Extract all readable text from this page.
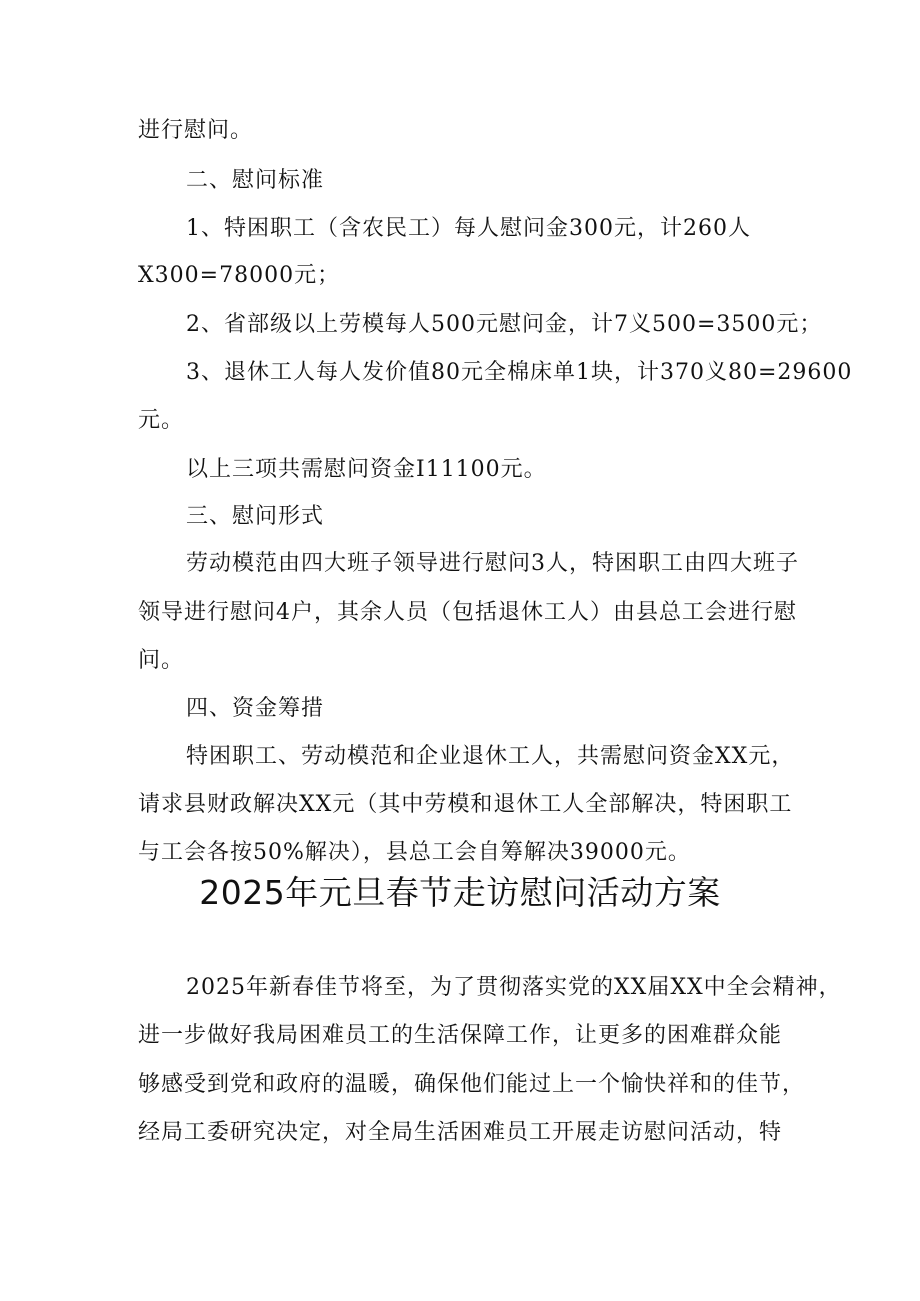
进行慰问。
二、慰问标准
1、特困职工（含农民工）每人慰问金300元，计260人
X300=78000元；
2、省部级以上劳模每人500元慰问金，计7义500=3500元；
3、退休工人每人发价值80元全棉床单1块，计370义80=29600
元。
以上三项共需慰问资金I11100元。
三、慰问形式
劳动模范由四大班子领导进行慰问3人，特困职工由四大班子
领导进行慰问4户，其余人员（包括退休工人）由县总工会进行慰
问。
四、资金筹措
特困职工、劳动模范和企业退休工人，共需慰问资金XX元，
请求县财政解决XX元（其中劳模和退休工人全部解决，特困职工
与工会各按50%解决），县总工会自筹解决39000元。
2025年元旦春节走访慰问活动方案
2025年新春佳节将至，为了贯彻落实党的XX届XX中全会精神，
进一步做好我局困难员工的生活保障工作，让更多的困难群众能
够感受到党和政府的温暖，确保他们能过上一个愉快祥和的佳节，
经局工委研究决定，对全局生活困难员工开展走访慰问活动，特
